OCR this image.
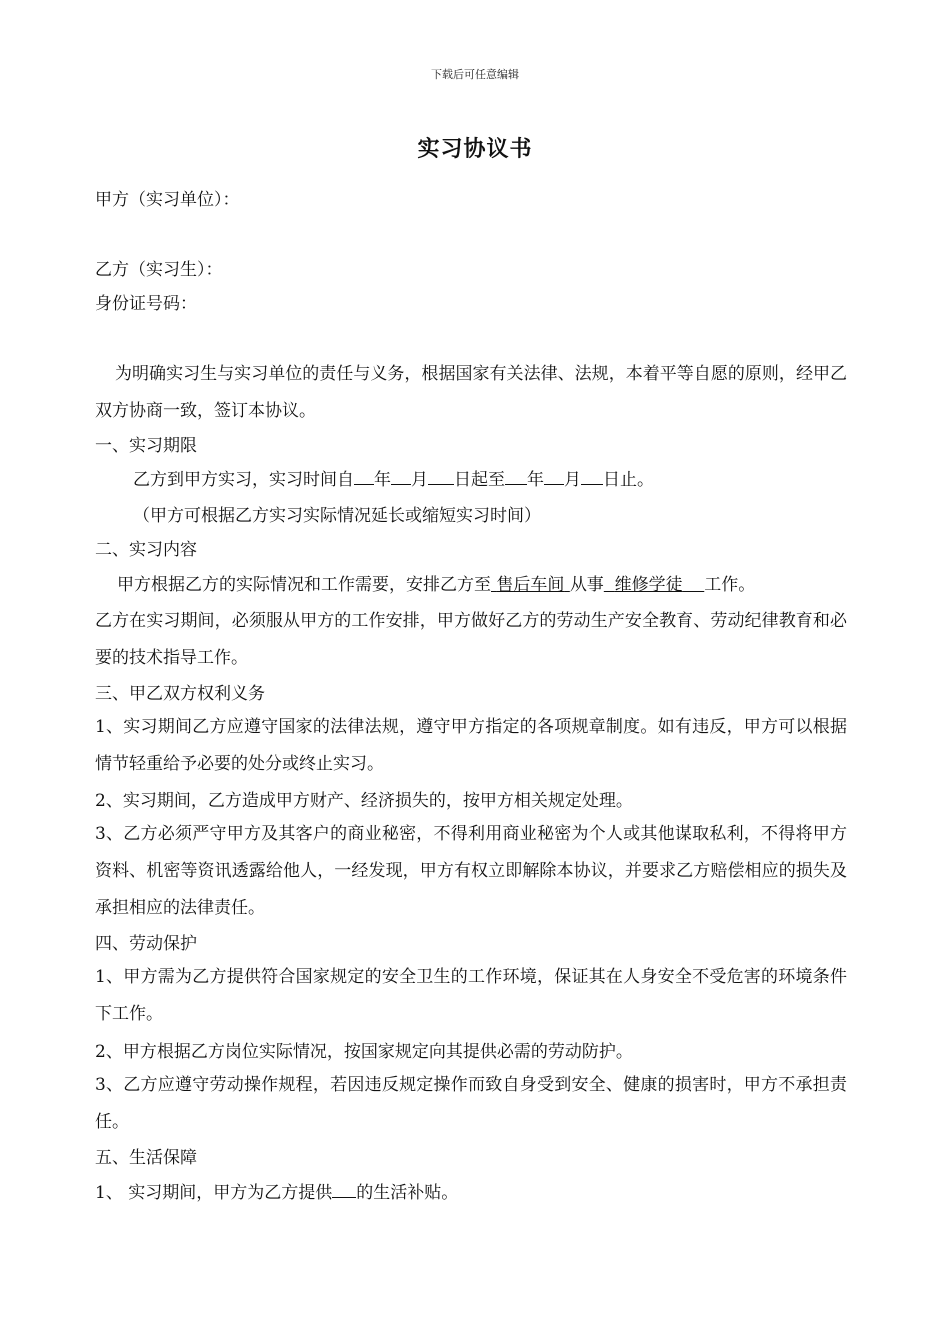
下载后可任意编辑
实习协议书
甲方（实习单位）：
乙方（实习生）：
身份证号码：
为明确实习生与实习单位的责任与义务，根据国家有关法律、法规，本着平等自愿的原则，经甲乙双方协商一致，签订本协议。
一、实习期限
乙方到甲方实习，实习时间自 年 月 日起至 年 月 日止。
（甲方可根据乙方实习实际情况延长或缩短实习时间）
二、实习内容
甲方根据乙方的实际情况和工作需要，安排乙方至 售后车间 从事 维修学徒 工作。
乙方在实习期间，必须服从甲方的工作安排，甲方做好乙方的劳动生产安全教育、劳动纪律教育和必要的技术指导工作。
三、甲乙双方权利义务
1、实习期间乙方应遵守国家的法律法规，遵守甲方指定的各项规章制度。如有违反，甲方可以根据情节轻重给予必要的处分或终止实习。
2、实习期间，乙方造成甲方财产、经济损失的，按甲方相关规定处理。
3、乙方必须严守甲方及其客户的商业秘密，不得利用商业秘密为个人或其他谋取私利，不得将甲方资料、机密等资讯透露给他人，一经发现，甲方有权立即解除本协议，并要求乙方赔偿相应的损失及承担相应的法律责任。
四、劳动保护
1、甲方需为乙方提供符合国家规定的安全卫生的工作环境，保证其在人身安全不受危害的环境条件下工作。
2、甲方根据乙方岗位实际情况，按国家规定向其提供必需的劳动防护。
3、乙方应遵守劳动操作规程，若因违反规定操作而致自身受到安全、健康的损害时，甲方不承担责任。
五、生活保障
1、 实习期间，甲方为乙方提供 的生活补贴。
